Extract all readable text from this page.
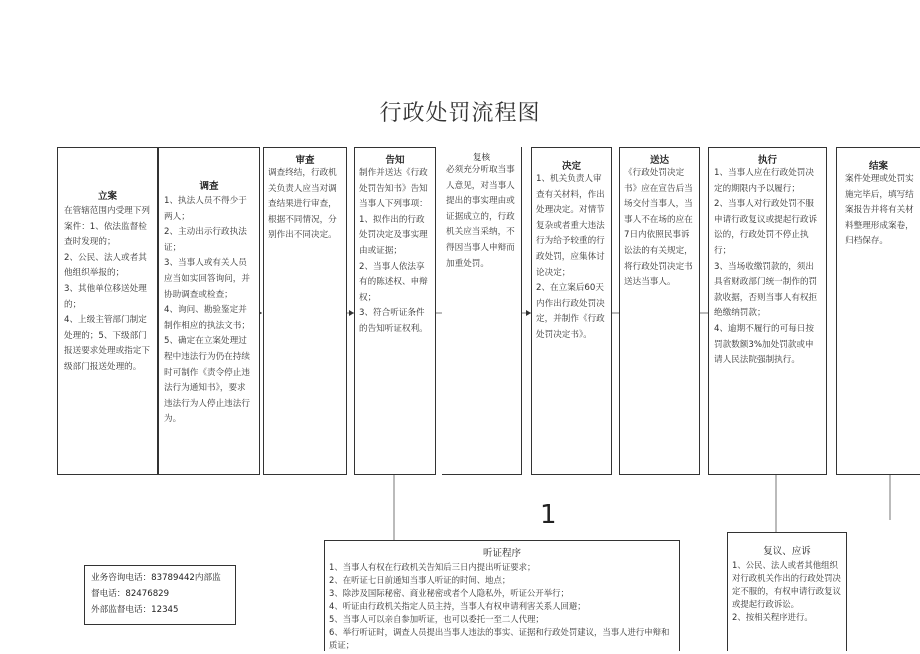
行政处罚流程图
立案
在管辖范围内受理下列案件：1、依法监督检查时发现的；
2、公民、法人或者其他组织举报的；
3、其他单位移送处理的；
4、上级主管部门制定处理的；5、下级部门报送要求处理或指定下级部门报送处理的。
调查
1、执法人员不得少于两人；
2、主动出示行政执法证；
3、当事人或有关人员应当如实回答询问，并协助调查或检查；
4、询问、勘验鉴定并制作相应的执法文书；
5、确定在立案处理过程中违法行为仍在持续时可制作《责令停止违法行为通知书》，要求违法行为人停止违法行为。
审查
调查终结，行政机关负责人应当对调查结果进行审查，根据不同情况，分别作出不同决定。
告知
制作并送达《行政处罚告知书》告知当事人下列事项：
1、拟作出的行政处罚决定及事实理由或证据；
2、当事人依法享有的陈述权、申辩权；
3、符合听证条件的告知听证权利。
复核
必须充分听取当事人意见，对当事人提出的事实理由或证据成立的，行政机关应当采纳，不得因当事人申辩而加重处罚。
决定
1、机关负责人审查有关材料，作出处理决定。对情节复杂或者重大违法行为给予较重的行政处罚，应集体讨论决定；
2、在立案后60天内作出行政处罚决定，并制作《行政处罚决定书》。
送达
《行政处罚决定书》应在宣告后当场交付当事人，当事人不在场的应在7日内依照民事诉讼法的有关规定，将行政处罚决定书送达当事人。
执行
1、当事人应在行政处罚决定的期限内予以履行；
2、当事人对行政处罚不服申请行政复议或提起行政诉讼的，行政处罚不停止执行；
3、当场收缴罚款的，须出具省财政部门统一制作的罚款收据，否则当事人有权拒绝缴纳罚款；
4、逾期不履行的可每日按罚款数额3%加处罚款或申请人民法院强制执行。
结案
案件处理或处罚实施完毕后，填写结案报告并将有关材料整理形成案卷，归档保存。
1
听证程序
1、当事人有权在行政机关告知后三日内提出听证要求；
2、在听证七日前通知当事人听证的时间、地点；
3、除涉及国际秘密、商业秘密或者个人隐私外，听证公开举行；
4、听证由行政机关指定人员主持，当事人有权申请利害关系人回避；
5、当事人可以亲自参加听证，也可以委托一至二人代理；
6、举行听证时，调查人员提出当事人违法的事实、证据和行政处罚建议，当事人进行申辩和质证；
复议、应诉
1、公民、法人或者其他组织对行政机关作出的行政处罚决定不服的，有权申请行政复议或提起行政诉讼。
2、按相关程序进行。
业务咨询电话：83789442内部监
督电话：82476829
外部监督电话：12345
